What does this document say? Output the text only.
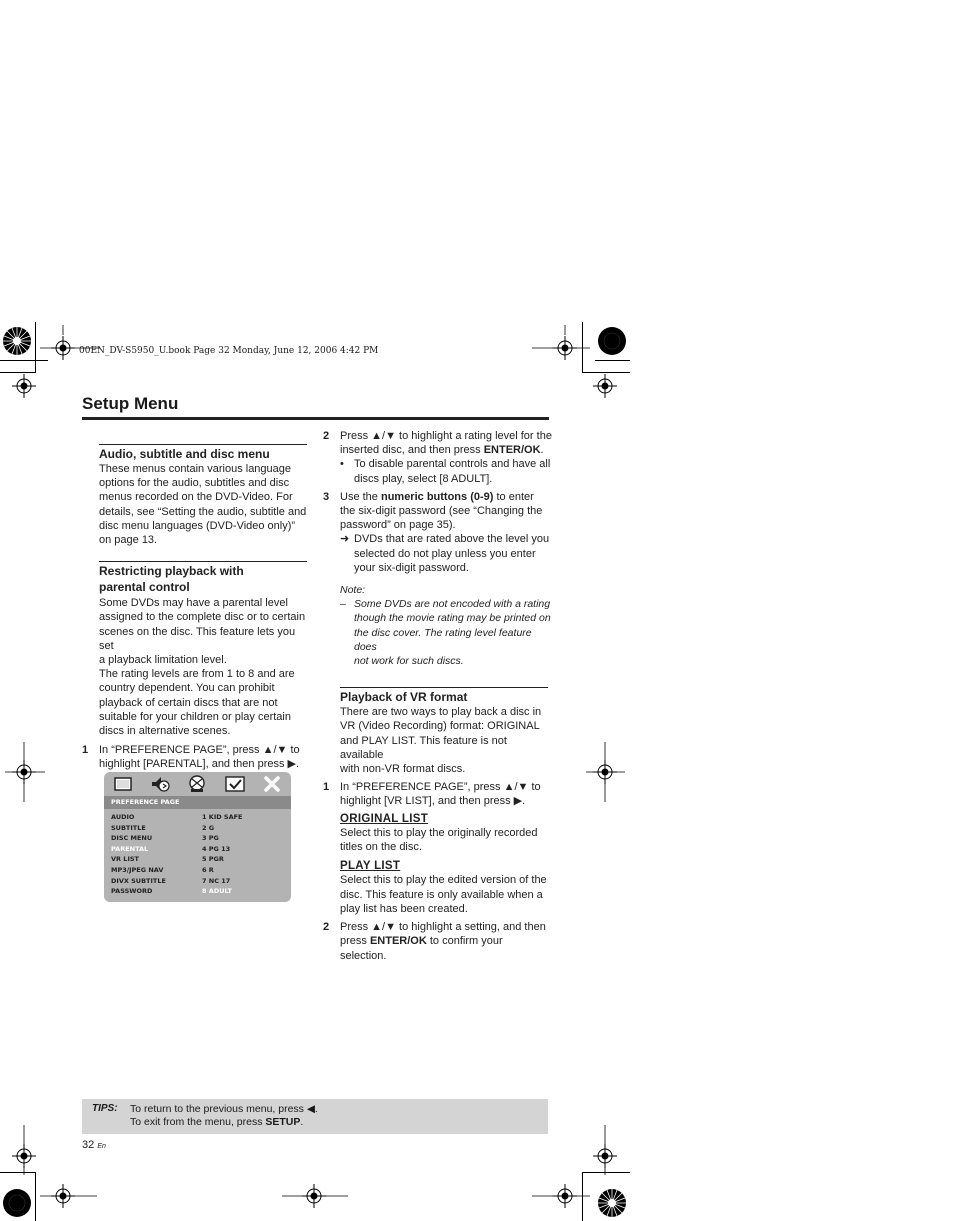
00EN_DV-S5950_U.book Page 32 Monday, June 12, 2006 4:42 PM
Setup Menu
Audio, subtitle and disc menu
These menus contain various language
options for the audio, subtitles and disc
menus recorded on the DVD-Video. For
details, see “Setting the audio, subtitle and
disc menu languages (DVD-Video only)”
on page 13.
Restricting playback with
parental control
Some DVDs may have a parental level
assigned to the complete disc or to certain
scenes on the disc. This feature lets you set
a playback limitation level.
The rating levels are from 1 to 8 and are
country dependent. You can prohibit
playback of certain discs that are not
suitable for your children or play certain
discs in alternative scenes.
1 In “PREFERENCE PAGE”, press ▲/▼ to
highlight [PARENTAL], and then press ▶.
PREFERENCE PAGE
AUDIO	1 KID SAFE
SUBTITLE	2 G
DISC MENU	3 PG
PARENTAL	4 PG 13
VR LIST	5 PGR
MP3/JPEG NAV	6 R
DIVX SUBTITLE	7 NC 17
PASSWORD	8 ADULT
2 Press ▲/▼ to highlight a rating level for the
inserted disc, and then press ENTER/OK.
• To disable parental controls and have all
discs play, select [8 ADULT].
3 Use the numeric buttons (0-9) to enter
the six-digit password (see “Changing the
password” on page 35).
➜ DVDs that are rated above the level you
selected do not play unless you enter
your six-digit password.
Note:
– Some DVDs are not encoded with a rating
though the movie rating may be printed on
the disc cover. The rating level feature does
not work for such discs.
Playback of VR format
There are two ways to play back a disc in
VR (Video Recording) format: ORIGINAL
and PLAY LIST. This feature is not available
with non-VR format discs.
1 In “PREFERENCE PAGE”, press ▲/▼ to
highlight [VR LIST], and then press ▶.
ORIGINAL LIST
Select this to play the originally recorded
titles on the disc.
PLAY LIST
Select this to play the edited version of the
disc. This feature is only available when a
play list has been created.
2 Press ▲/▼ to highlight a setting, and then
press ENTER/OK to confirm your
selection.
TIPS: To return to the previous menu, press ◀.
To exit from the menu, press SETUP.
32 En
